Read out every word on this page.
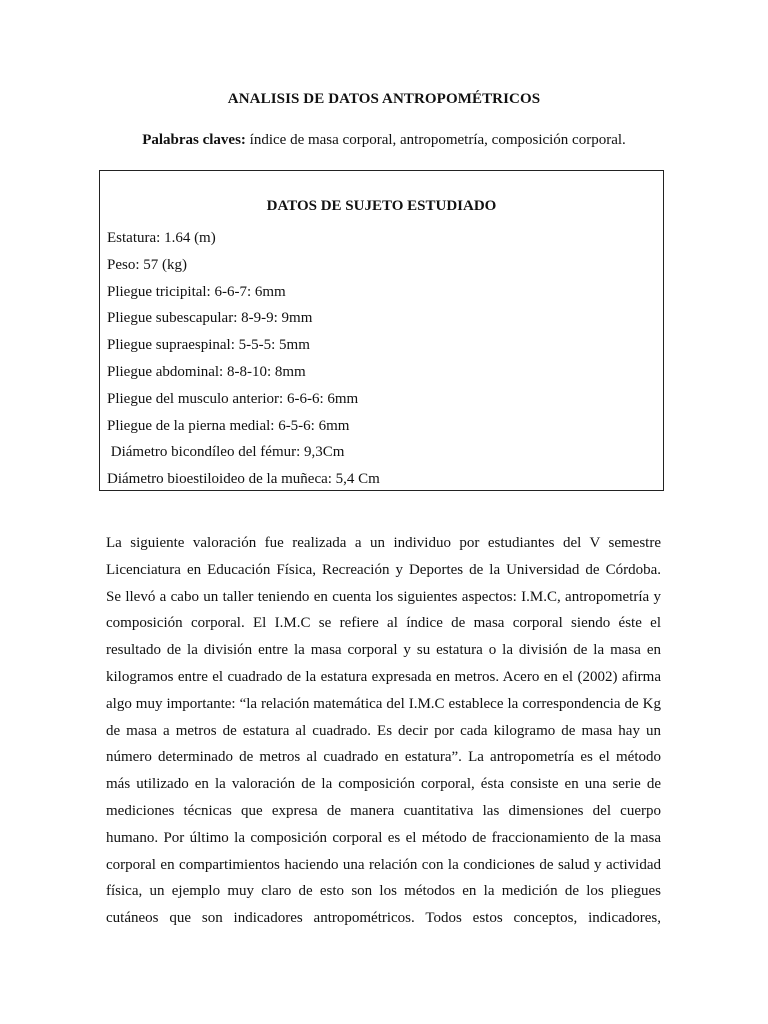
ANALISIS DE DATOS ANTROPOMÉTRICOS
Palabras claves: índice de masa corporal, antropometría, composición corporal.
DATOS DE SUJETO ESTUDIADO
Estatura: 1.64 (m)
Peso: 57 (kg)
Pliegue tricipital: 6-6-7: 6mm
Pliegue subescapular: 8-9-9: 9mm
Pliegue supraespinal: 5-5-5: 5mm
Pliegue abdominal: 8-8-10: 8mm
Pliegue del musculo anterior: 6-6-6: 6mm
Pliegue de la pierna medial: 6-5-6: 6mm
Diámetro bicondíleo del fémur: 9,3Cm
Diámetro bioestiloideo de la muñeca: 5,4 Cm
La siguiente valoración fue realizada a un individuo por estudiantes del V semestre
Licenciatura en Educación Física, Recreación y Deportes de la Universidad de Córdoba.
Se llevó a cabo un taller teniendo en cuenta los siguientes aspectos: I.M.C, antropometría y
composición corporal. El I.M.C se refiere al índice de masa corporal siendo éste el
resultado de la división entre la masa corporal y su estatura o la división de la masa en
kilogramos entre el cuadrado de la estatura expresada en metros. Acero en el (2002) afirma
algo muy importante: “la relación matemática del I.M.C establece la correspondencia de Kg
de masa a metros de estatura al cuadrado. Es decir por cada kilogramo de masa hay un
número determinado de metros al cuadrado en estatura”. La antropometría es el método
más utilizado en la valoración de la composición corporal, ésta consiste en una serie de
mediciones técnicas que expresa de manera cuantitativa las dimensiones del cuerpo
humano. Por último la composición corporal es el método de fraccionamiento de la masa
corporal en compartimientos haciendo una relación con la condiciones de salud y actividad
física, un ejemplo muy claro de esto son los métodos en la medición de los pliegues
cutáneos que son indicadores antropométricos. Todos estos conceptos, indicadores,
